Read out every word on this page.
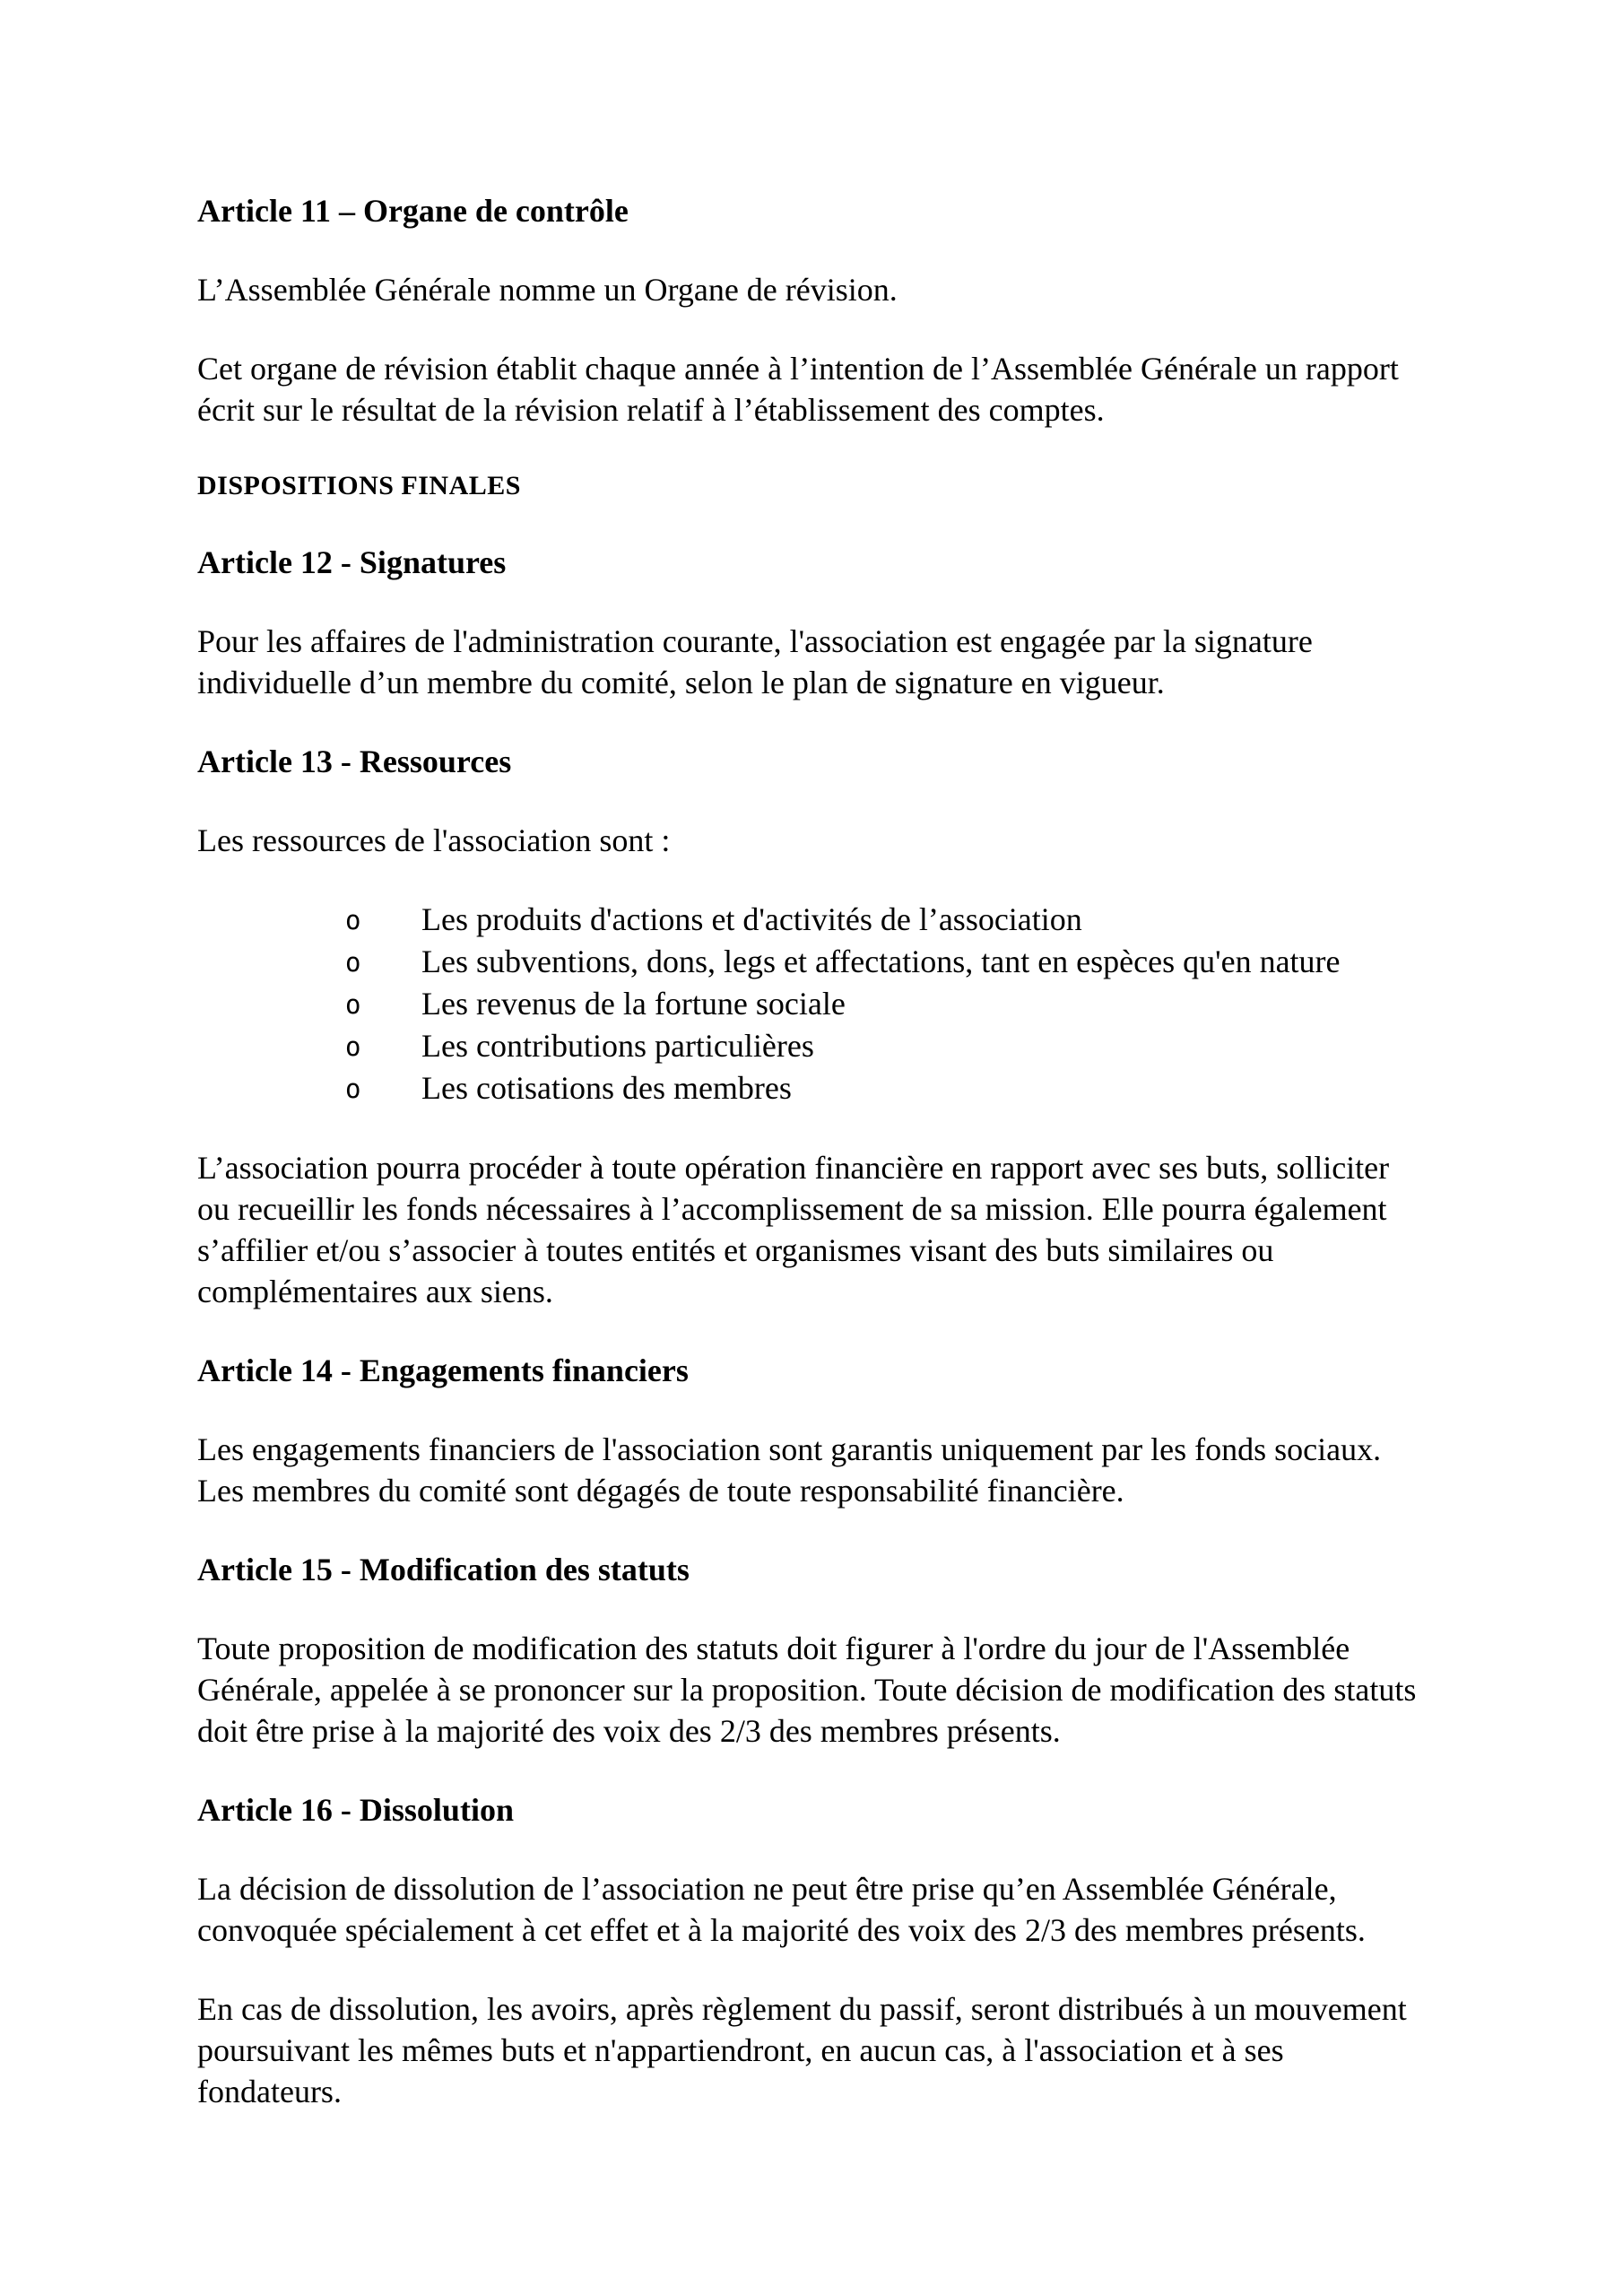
Article 11 – Organe de contrôle

L’Assemblée Générale nomme un Organe de révision.

Cet organe de révision établit chaque année à l’intention de l’Assemblée Générale un rapport écrit sur le résultat de la révision relatif à l’établissement des comptes.

DISPOSITIONS FINALES
Article 12 - Signatures

Pour les affaires de l'administration courante, l'association est engagée par la signature individuelle d’un membre du comité, selon le plan de signature en vigueur.

Article 13 - Ressources

Les ressources de l'association sont :

o Les produits d'actions et d'activités de l’association
o Les subventions, dons, legs et affectations, tant en espèces qu'en nature
o Les revenus de la fortune sociale
o Les contributions particulières
o Les cotisations des membres

L’association pourra procéder à toute opération financière en rapport avec ses buts, solliciter ou recueillir les fonds nécessaires à l’accomplissement de sa mission. Elle pourra également s’affilier et/ou s’associer à toutes entités et organismes visant des buts similaires ou complémentaires aux siens.

Article 14 - Engagements financiers

Les engagements financiers de l'association sont garantis uniquement par les fonds sociaux. Les membres du comité sont dégagés de toute responsabilité financière.

Article 15 - Modification des statuts

Toute proposition de modification des statuts doit figurer à l'ordre du jour de l'Assemblée Générale, appelée à se prononcer sur la proposition. Toute décision de modification des statuts doit être prise à la majorité des voix des 2/3 des membres présents.

Article 16 - Dissolution

La décision de dissolution de l’association ne peut être prise qu’en Assemblée Générale, convoquée spécialement à cet effet et à la majorité des voix des 2/3 des membres présents.

En cas de dissolution, les avoirs, après règlement du passif, seront distribués à un mouvement poursuivant les mêmes buts et n'appartiendront, en aucun cas, à l'association et à ses fondateurs.
